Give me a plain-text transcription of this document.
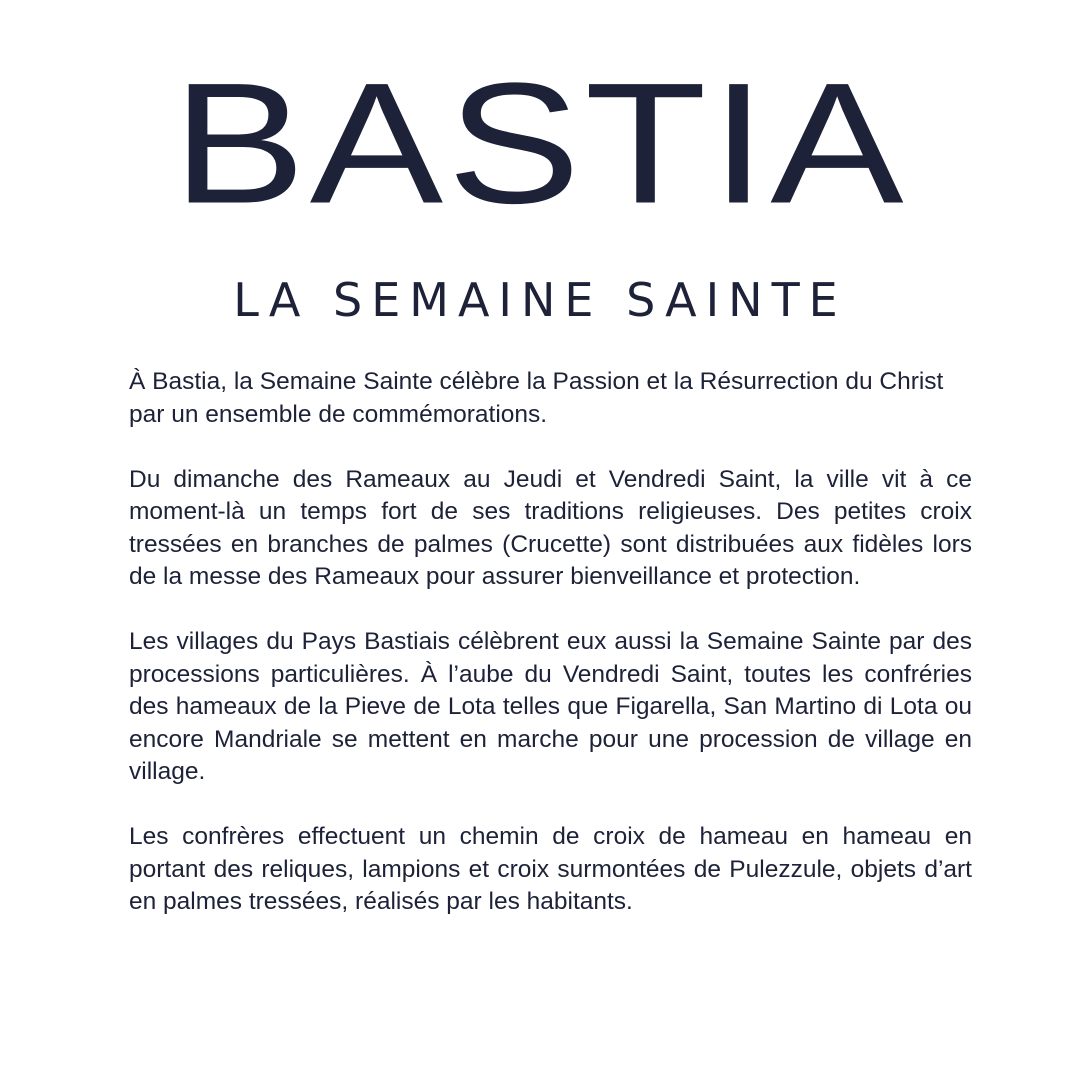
BASTIA
LA SEMAINE SAINTE

À Bastia, la Semaine Sainte célèbre la Passion et la Résurrection du Christ par un ensemble de commémorations.

Du dimanche des Rameaux au Jeudi et Vendredi Saint, la ville vit à ce moment-là un temps fort de ses traditions religieuses. Des petites croix tressées en branches de palmes (Crucette) sont distribuées aux fidèles lors de la messe des Rameaux pour assurer bienveillance et protection.

Les villages du Pays Bastiais célèbrent eux aussi la Semaine Sainte par des processions particulières. À l’aube du Vendredi Saint, toutes les confréries des hameaux de la Pieve de Lota telles que Figarella, San Martino di Lota ou encore Mandriale se mettent en marche pour une procession de village en village.

Les confrères effectuent un chemin de croix de hameau en hameau en portant des reliques, lampions et croix surmontées de Pulezzule, objets d’art en palmes tressées, réalisés par les habitants.
